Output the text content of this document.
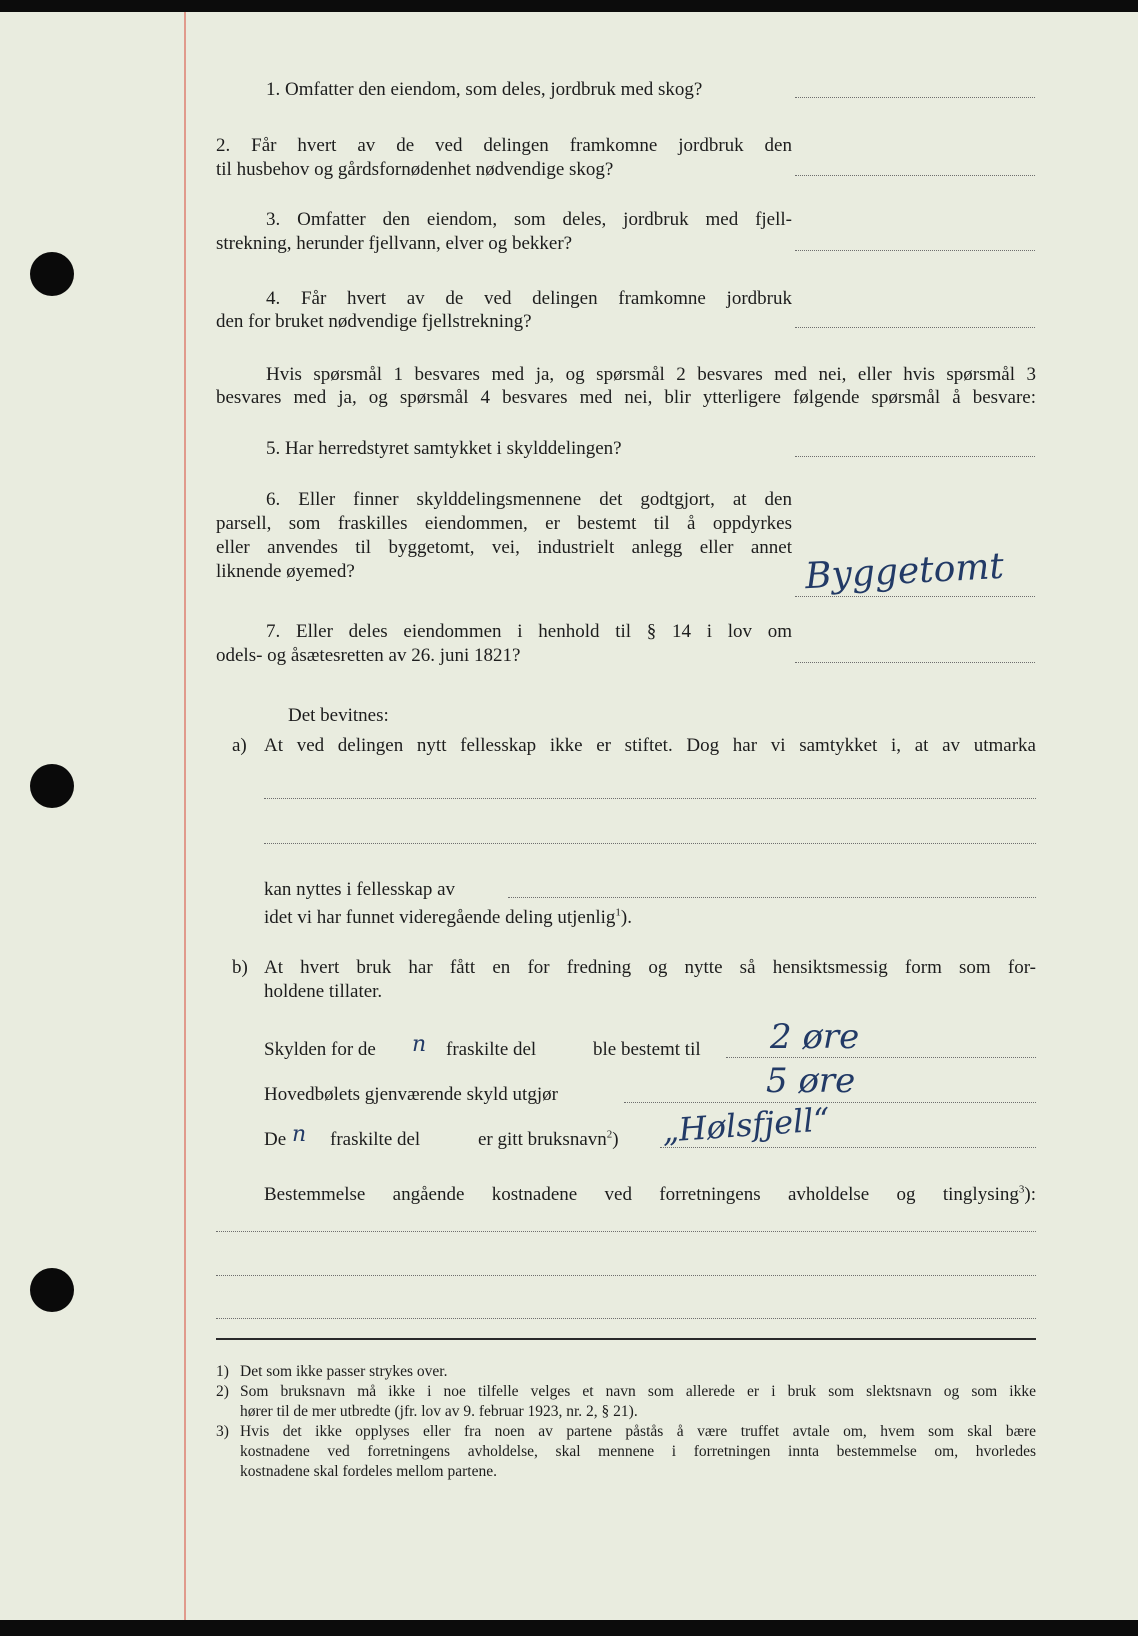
1. Omfatter den eiendom, som deles, jordbruk med skog?
2. Får hvert av de ved delingen framkomne jordbruk den
til husbehov og gårdsfornødenhet nødvendige skog?
3. Omfatter den eiendom, som deles, jordbruk med fjell-
strekning, herunder fjellvann, elver og bekker?
4. Får hvert av de ved delingen framkomne jordbruk
den for bruket nødvendige fjellstrekning?
Hvis spørsmål 1 besvares med ja, og spørsmål 2 besvares med nei, eller hvis spørsmål 3
besvares med ja, og spørsmål 4 besvares med nei, blir ytterligere følgende spørsmål å besvare:
5. Har herredstyret samtykket i skylddelingen?
6. Eller finner skylddelingsmennene det godtgjort, at den
parsell, som fraskilles eiendommen, er bestemt til å oppdyrkes
eller anvendes til byggetomt, vei, industrielt anlegg eller annet
liknende øyemed?	Byggetomt
7. Eller deles eiendommen i henhold til § 14 i lov om
odels- og åsætesretten av 26. juni 1821?
Det bevitnes:
a) At ved delingen nytt fellesskap ikke er stiftet. Dog har vi samtykket i, at av utmarka
kan nyttes i fellesskap av
idet vi har funnet videregående deling utjenlig$^1$).
b) At hvert bruk har fått en for fredning og nytte så hensiktsmessig form som for-
holdene tillater.
Skylden for de n fraskilte del	ble bestemt til 2 øre
Hovedbølets gjenværende skyld utgjør	5 øre
De n fraskilte del	er gitt bruksnavn$^2$) „Hølsfjell“
Bestemmelse angående kostnadene ved forretningens avholdelse og tinglysing$^3$):
1) Det som ikke passer strykes over.
2) Som bruksnavn må ikke i noe tilfelle velges et navn som allerede er i bruk som slektsnavn og som ikke
hører til de mer utbredte (jfr. lov av 9. februar 1923, nr. 2, § 21).
3) Hvis det ikke opplyses eller fra noen av partene påstås å være truffet avtale om, hvem som skal bære
kostnadene ved forretningens avholdelse, skal mennene i forretningen innta bestemmelse om, hvorledes
kostnadene skal fordeles mellom partene.
